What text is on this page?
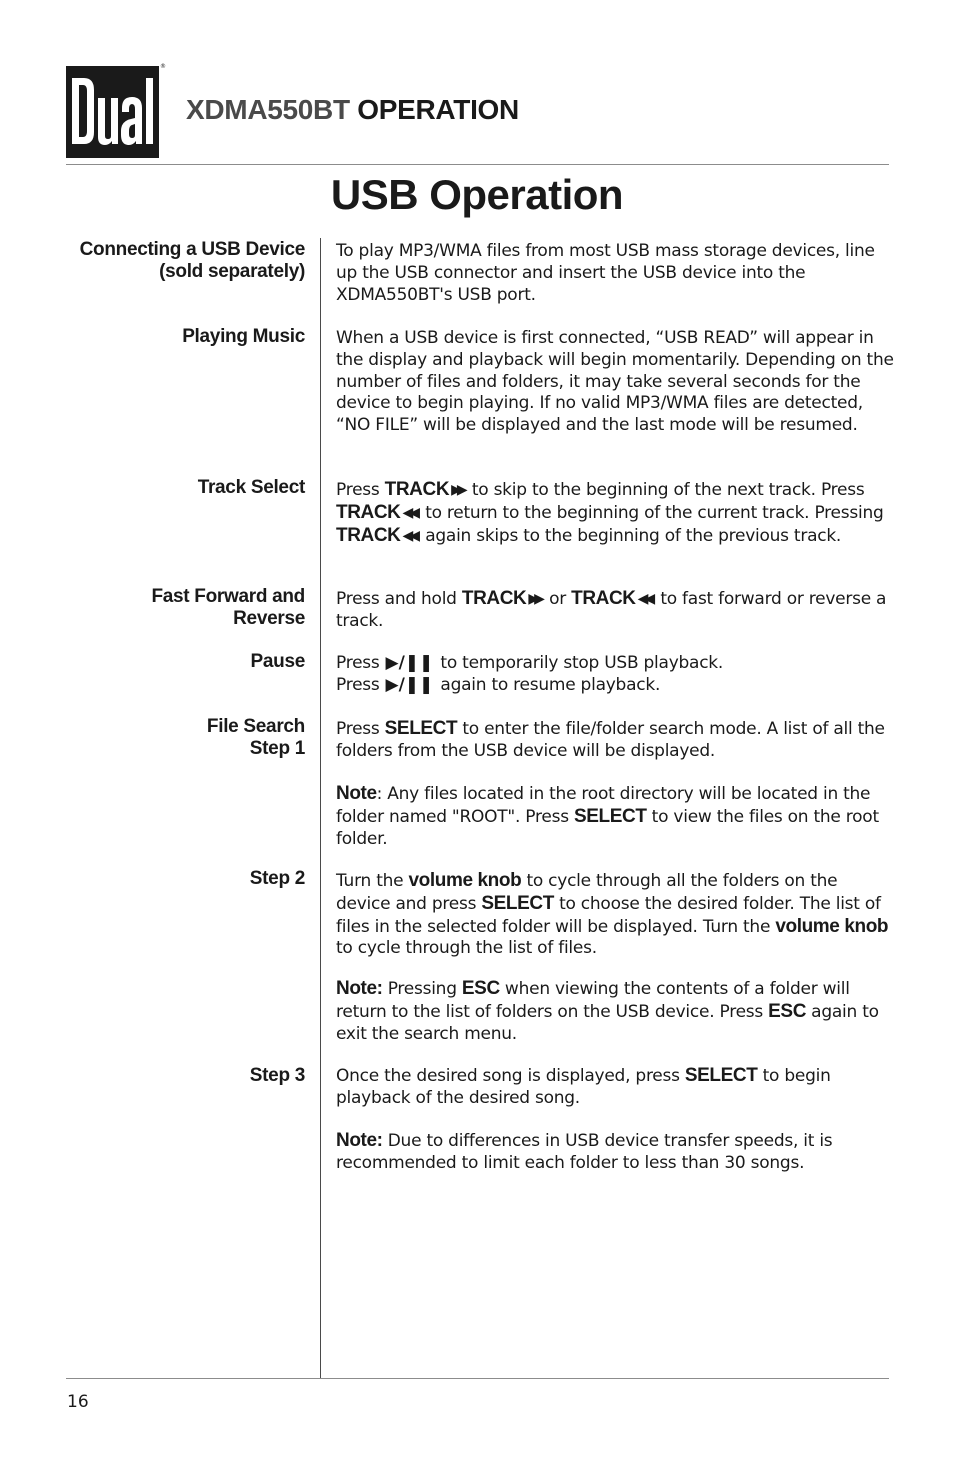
®
XDMA550BT OPERATION
USB Operation
Connecting a USB Device
(sold separately)
To play MP3/WMA files from most USB mass storage devices, line up the USB connector and insert the USB device into the XDMA550BT's USB port.
Playing Music When a USB device is first connected, “USB READ” will appear in the display and playback will begin momentarily. Depending on the number of files and folders, it may take several seconds for the device to begin playing. If no valid MP3/WMA files are detected, “NO FILE” will be displayed and the last mode will be resumed.
Track Select Press TRACK ▶▶ to skip to the beginning of the next track. Press TRACK ◀◀ to return to the beginning of the current track. Pressing TRACK ◀◀ again skips to the beginning of the previous track.
Fast Forward and
Reverse
Press and hold TRACK ▶▶ or TRACK ◀◀ to fast forward or reverse a track.
Pause Press ▶/❚❚ to temporarily stop USB playback.
Press ▶/❚❚ again to resume playback.
File Search
Step 1
Press SELECT to enter the file/folder search mode. A list of all the folders from the USB device will be displayed.
Note: Any files located in the root directory will be located in the folder named "ROOT". Press SELECT to view the files on the root folder.
Step 2 Turn the volume knob to cycle through all the folders on the device and press SELECT to choose the desired folder. The list of files in the selected folder will be displayed. Turn the volume knob to cycle through the list of files.
Note: Pressing ESC when viewing the contents of a folder will return to the list of folders on the USB device. Press ESC again to exit the search menu.
Step 3 Once the desired song is displayed, press SELECT to begin playback of the desired song.
Note: Due to differences in USB device transfer speeds, it is recommended to limit each folder to less than 30 songs.
16
